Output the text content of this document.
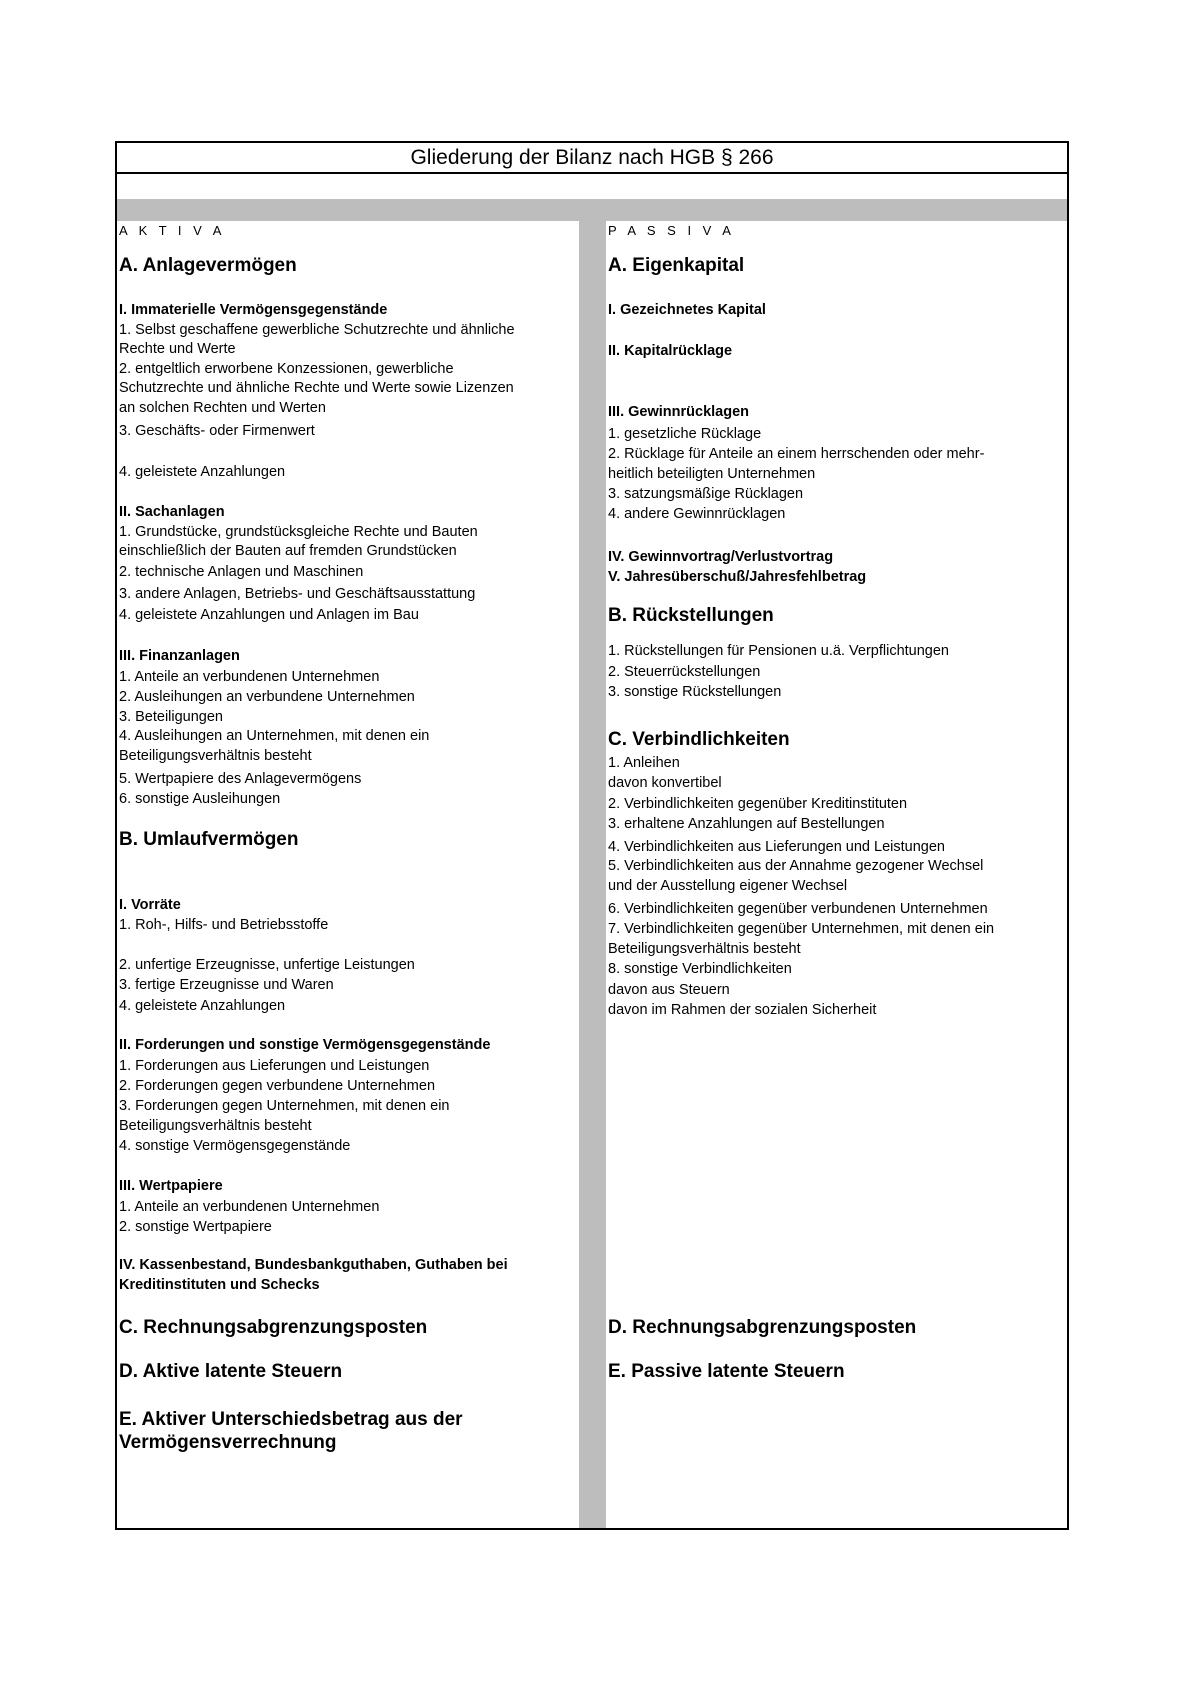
Gliederung der Bilanz nach HGB § 266
A K T I V A
A. Anlagevermögen
I. Immaterielle Vermögensgegenstände
1. Selbst geschaffene gewerbliche Schutzrechte und ähnliche
Rechte und Werte
2. entgeltlich erworbene Konzessionen, gewerbliche
Schutzrechte und ähnliche Rechte und Werte sowie Lizenzen
an solchen Rechten und Werten
3. Geschäfts- oder Firmenwert
4. geleistete Anzahlungen
II. Sachanlagen
1. Grundstücke, grundstücksgleiche Rechte und Bauten
einschließlich der Bauten auf fremden Grundstücken
2. technische Anlagen und Maschinen
3. andere Anlagen, Betriebs- und Geschäftsausstattung
4. geleistete Anzahlungen und Anlagen im Bau
III. Finanzanlagen
1. Anteile an verbundenen Unternehmen
2. Ausleihungen an verbundene Unternehmen
3. Beteiligungen
4. Ausleihungen an Unternehmen, mit denen ein
Beteiligungsverhältnis besteht
5. Wertpapiere des Anlagevermögens
6. sonstige Ausleihungen
B. Umlaufvermögen
I. Vorräte
1. Roh-, Hilfs- und Betriebsstoffe
2. unfertige Erzeugnisse, unfertige Leistungen
3. fertige Erzeugnisse und Waren
4. geleistete Anzahlungen
II. Forderungen und sonstige Vermögensgegenstände
1. Forderungen aus Lieferungen und Leistungen
2. Forderungen gegen verbundene Unternehmen
3. Forderungen gegen Unternehmen, mit denen ein
Beteiligungsverhältnis besteht
4. sonstige Vermögensgegenstände
III. Wertpapiere
1. Anteile an verbundenen Unternehmen
2. sonstige Wertpapiere
IV. Kassenbestand, Bundesbankguthaben, Guthaben bei
Kreditinstituten und Schecks
C. Rechnungsabgrenzungsposten
D. Aktive latente Steuern
E. Aktiver Unterschiedsbetrag aus der
Vermögensverrechnung
P A S S I V A
A. Eigenkapital
I. Gezeichnetes Kapital
II. Kapitalrücklage
III. Gewinnrücklagen
1. gesetzliche Rücklage
2. Rücklage für Anteile an einem herrschenden oder mehr-
heitlich beteiligten Unternehmen
3. satzungsmäßige Rücklagen
4. andere Gewinnrücklagen
IV. Gewinnvortrag/Verlustvortrag
V. Jahresüberschuß/Jahresfehlbetrag
B. Rückstellungen
1. Rückstellungen für Pensionen u.ä. Verpflichtungen
2. Steuerrückstellungen
3. sonstige Rückstellungen
C. Verbindlichkeiten
1. Anleihen
davon konvertibel
2. Verbindlichkeiten gegenüber Kreditinstituten
3. erhaltene Anzahlungen auf Bestellungen
4. Verbindlichkeiten aus Lieferungen und Leistungen
5. Verbindlichkeiten aus der Annahme gezogener Wechsel
und der Ausstellung eigener Wechsel
6. Verbindlichkeiten gegenüber verbundenen Unternehmen
7. Verbindlichkeiten gegenüber Unternehmen, mit denen ein
Beteiligungsverhältnis besteht
8. sonstige Verbindlichkeiten
davon aus Steuern
davon im Rahmen der sozialen Sicherheit
D. Rechnungsabgrenzungsposten
E. Passive latente Steuern
